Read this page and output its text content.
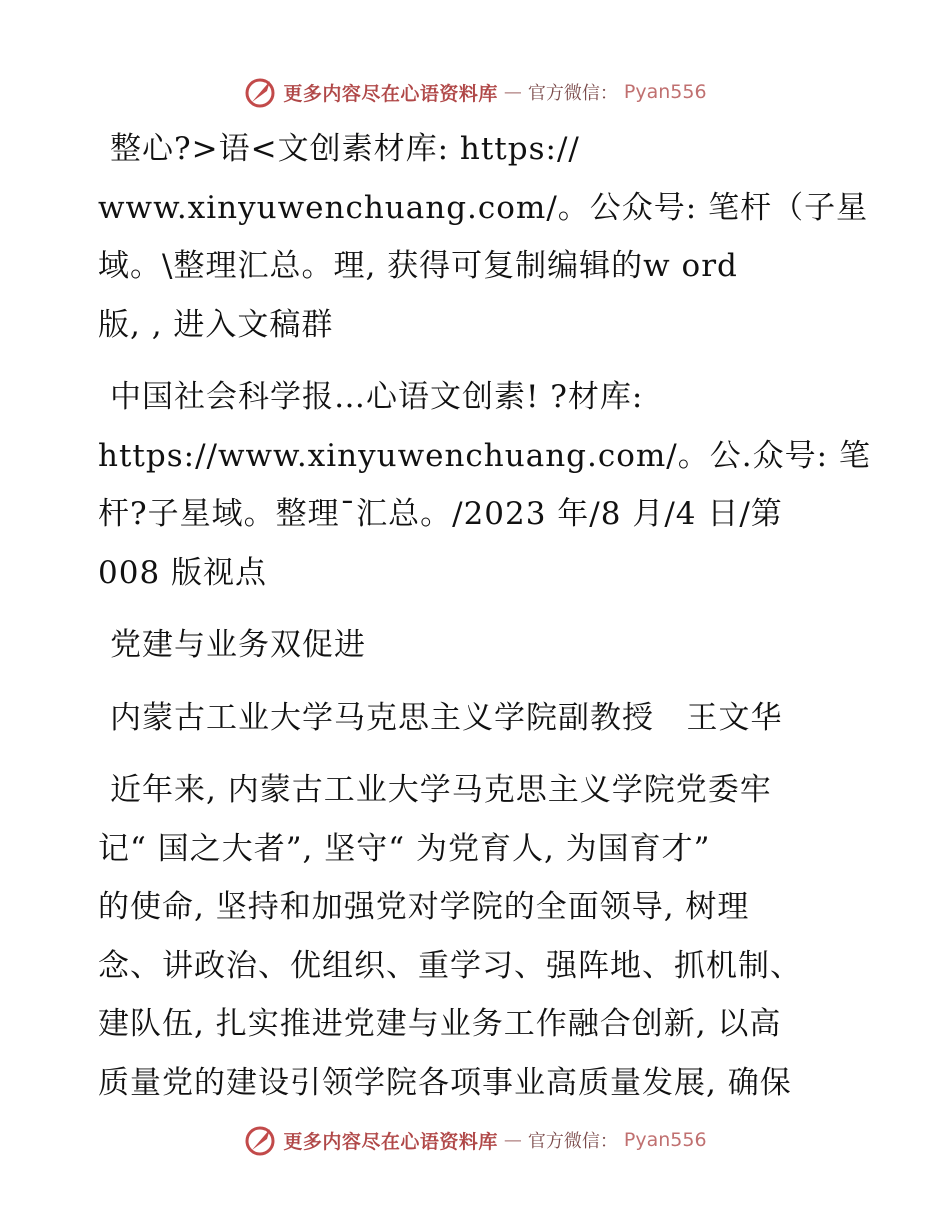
更多内容尽在心语资料库 — 官方微信： Pyan556

整心?>语<文创素材库: https://
www.xinyuwenchuang.com/。公众号: 笔杆（子星
域。\整理汇总。理, 获得可复制编辑的w ord
版, , 进入文稿群

中国社会科学报…心语文创素! ?材库:
https://www.xinyuwenchuang.com/。公.众号: 笔
杆?子星域。整理¯汇总。/2023 年/8 月/4 日/第
008 版视点

党建与业务双促进

内蒙古工业大学马克思主义学院副教授   王文华

近年来, 内蒙古工业大学马克思主义学院党委牢
记“ 国之大者”, 坚守“ 为党育人, 为国育才”
的使命, 坚持和加强党对学院的全面领导, 树理
念、讲政治、优组织、重学习、强阵地、抓机制、
建队伍, 扎实推进党建与业务工作融合创新, 以高
质量党的建设引领学院各项事业高质量发展, 确保

更多内容尽在心语资料库 — 官方微信： Pyan556
